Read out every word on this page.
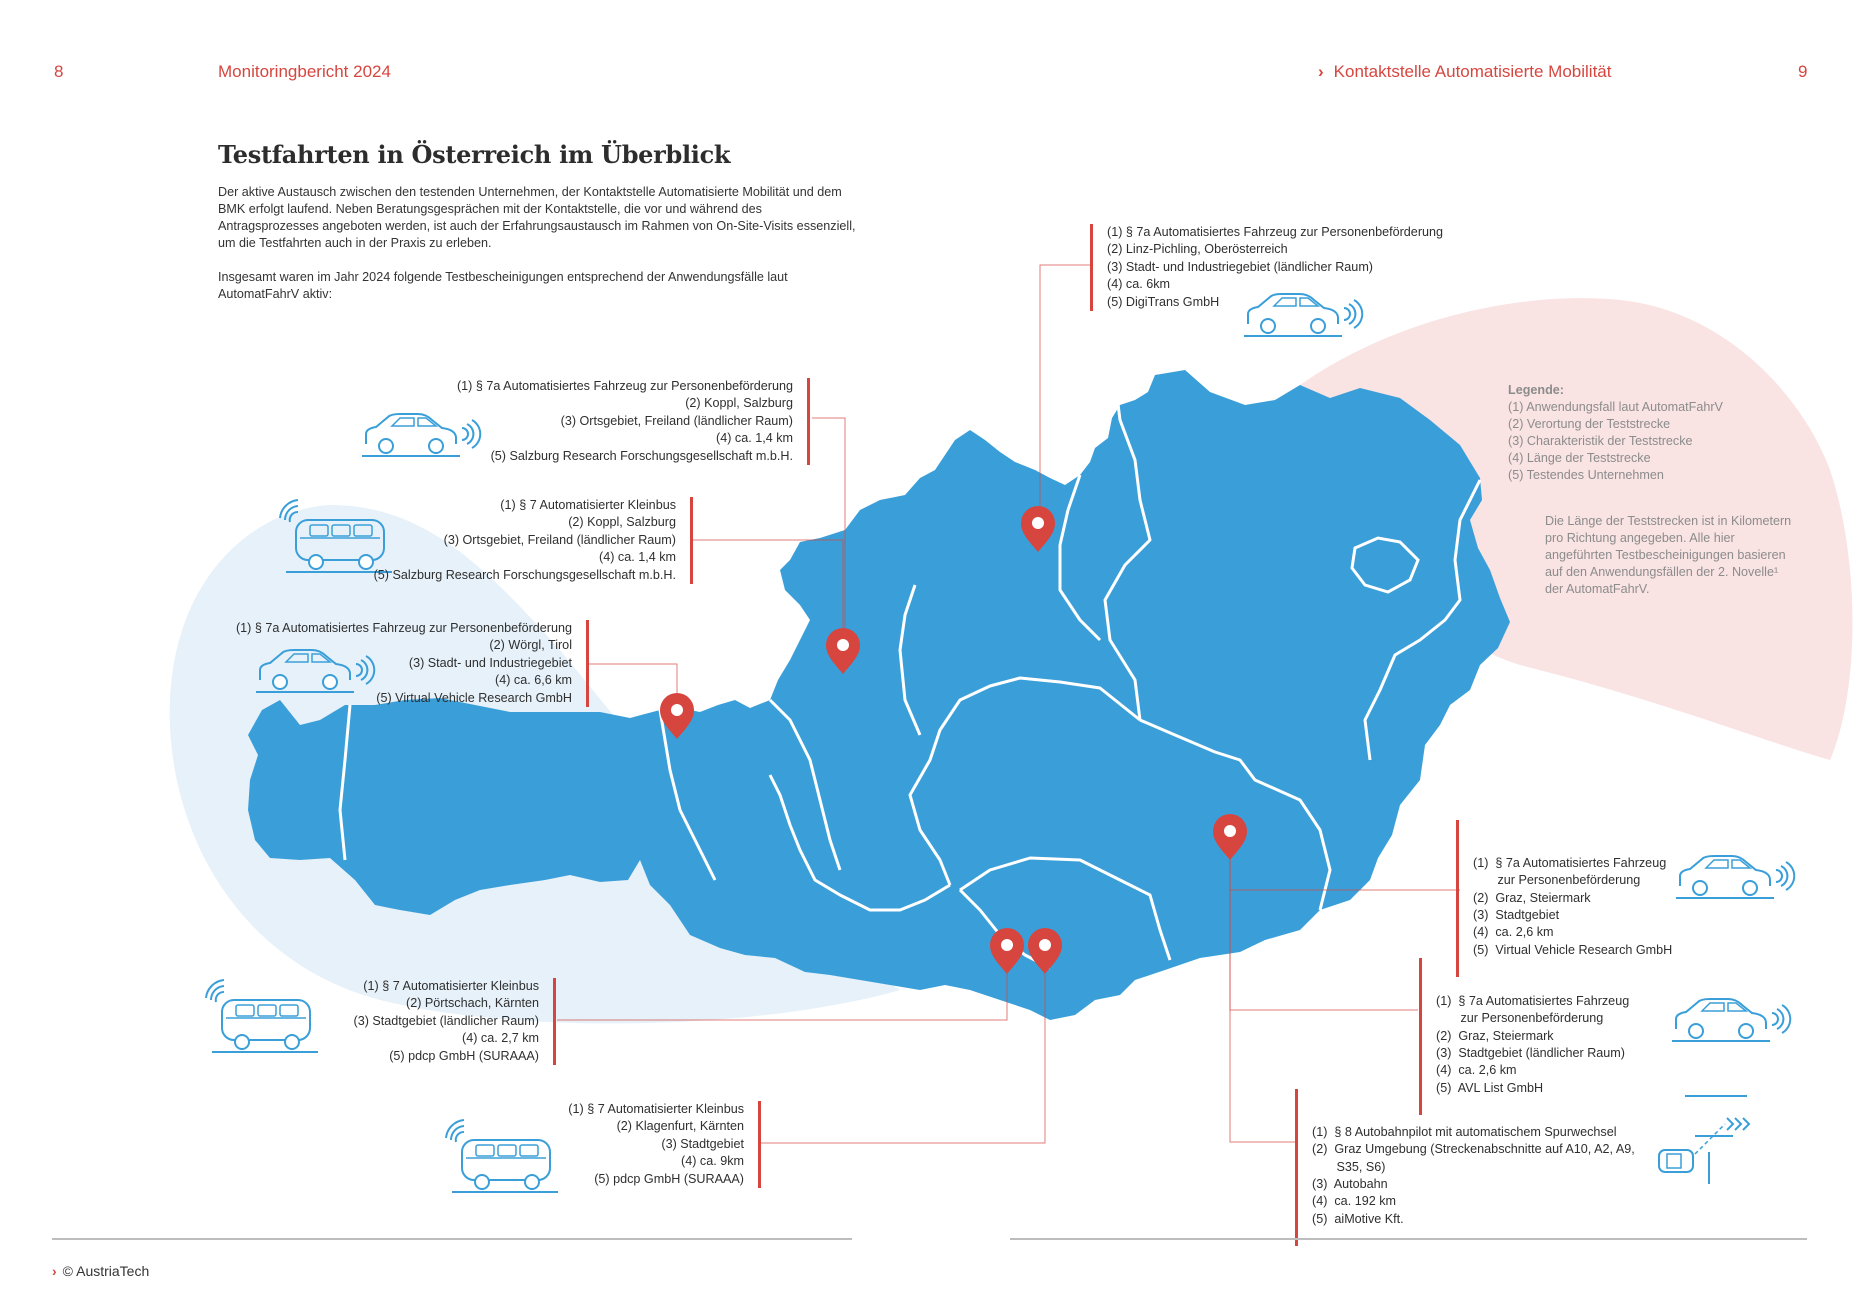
8	Monitoringbericht 2024	› Kontaktstelle Automatisierte Mobilität	9
Testfahrten in Österreich im Überblick

Der aktive Austausch zwischen den testenden Unternehmen, der Kontaktstelle Automatisierte Mobilität und dem BMK erfolgt laufend. Neben Beratungsgesprächen mit der Kontaktstelle, die vor und während des Antragsprozesses angeboten werden, ist auch der Erfahrungsaustausch im Rahmen von On-Site-Visits essenziell, um die Testfahrten auch in der Praxis zu erleben.

Insgesamt waren im Jahr 2024 folgende Testbescheinigungen entsprechend der Anwendungsfälle laut AutomatFahrV aktiv:

(1) § 7a Automatisiertes Fahrzeug zur Personenbeförderung
(2) Linz-Pichling, Oberösterreich
(3) Stadt- und Industriegebiet (ländlicher Raum)
(4) ca. 6km
(5) DigiTrans GmbH
(1) § 7a Automatisiertes Fahrzeug zur Personenbeförderung
(2) Koppl, Salzburg
(3) Ortsgebiet, Freiland (ländlicher Raum)
(4) ca. 1,4 km
(5) Salzburg Research Forschungsgesellschaft m.b.H.
(1) § 7 Automatisierter Kleinbus
(2) Koppl, Salzburg
(3) Ortsgebiet, Freiland (ländlicher Raum)
(4) ca. 1,4 km
(5) Salzburg Research Forschungsgesellschaft m.b.H.
(1) § 7a Automatisiertes Fahrzeug zur Personenbeförderung
(2) Wörgl, Tirol
(3) Stadt- und Industriegebiet
(4) ca. 6,6 km
(5) Virtual Vehicle Research GmbH
(1) § 7 Automatisierter Kleinbus
(2) Pörtschach, Kärnten
(3) Stadtgebiet (ländlicher Raum)
(4) ca. 2,7 km
(5) pdcp GmbH (SURAAA)
(1) § 7 Automatisierter Kleinbus
(2) Klagenfurt, Kärnten
(3) Stadtgebiet
(4) ca. 9km
(5) pdcp GmbH (SURAAA)

(1)  § 7a Automatisiertes Fahrzeug
zur Personenbeförderung
(2)  Graz, Steiermark
(3)  Stadtgebiet
(4)  ca. 2,6 km
(5)  Virtual Vehicle Research GmbH

(1)  § 7a Automatisiertes Fahrzeug
zur Personenbeförderung
(2)  Graz, Steiermark
(3)  Stadtgebiet (ländlicher Raum)
(4)  ca. 2,6 km
(5)  AVL List GmbH

(1)  § 8 Autobahnpilot mit automatischem Spurwechsel
(2)  Graz Umgebung (Streckenabschnitte auf A10, A2, A9,
S35, S6)
(3)  Autobahn
(4)  ca. 192 km
(5)  aiMotive Kft.

Legende:
(1) Anwendungsfall laut AutomatFahrV
(2) Verortung der Teststrecke
(3) Charakteristik der Teststrecke
(4) Länge der Teststrecke
(5) Testendes Unternehmen
Die Länge der Teststrecken ist in Kilometern pro Richtung angegeben. Alle hier angeführten Testbescheinigungen basieren auf den Anwendungsfällen der 2. Novelle¹ der AutomatFahrV.
› © AustriaTech
